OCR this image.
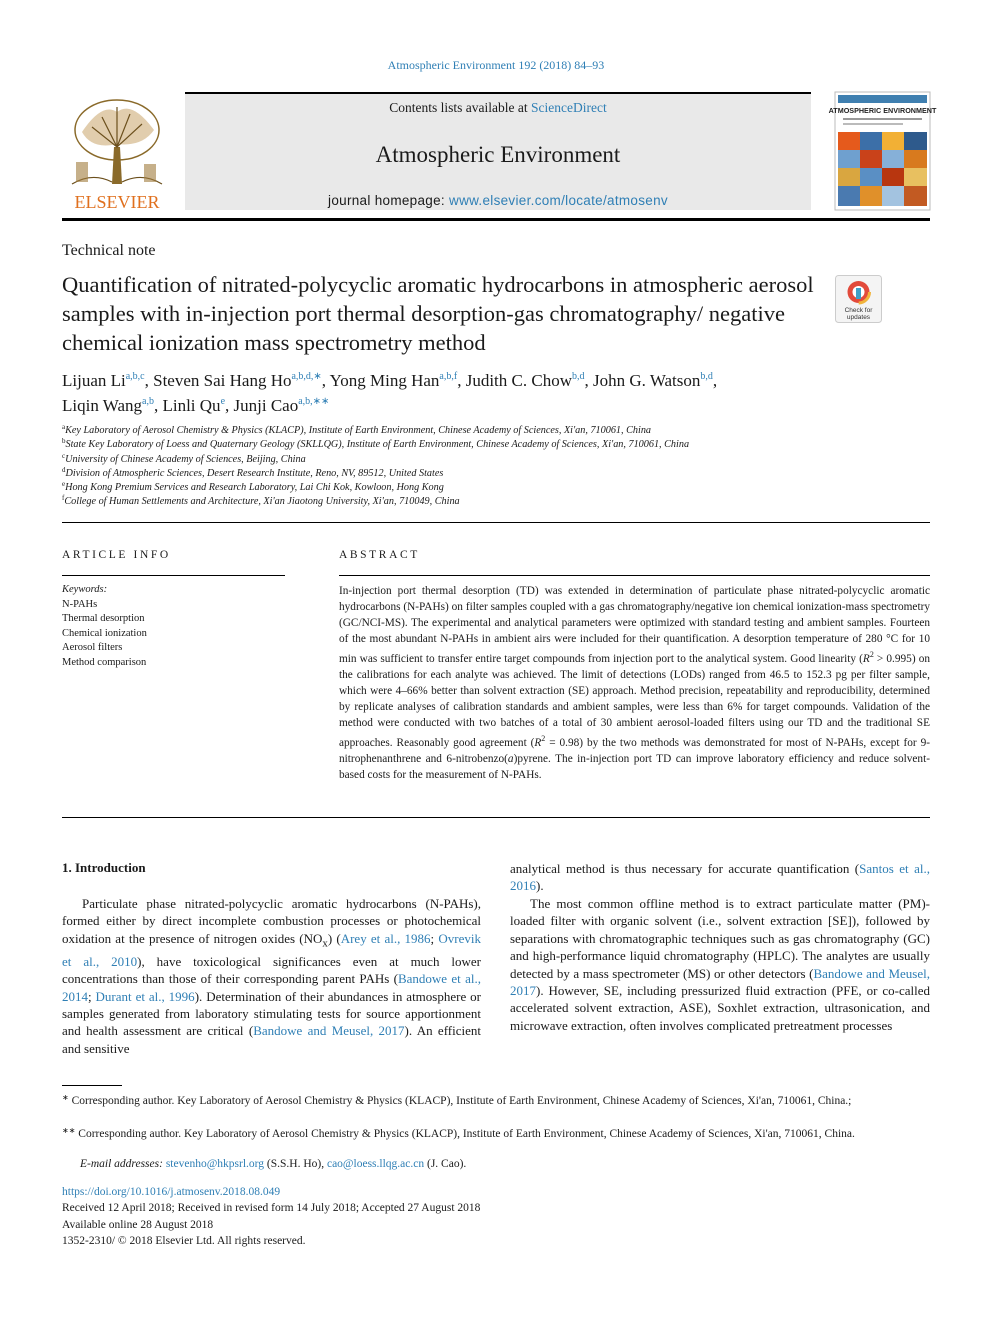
Atmospheric Environment 192 (2018) 84–93
ELSEVIER
Contents lists available at ScienceDirect
Atmospheric Environment
journal homepage: www.elsevier.com/locate/atmosenv
ATMOSPHERIC ENVIRONMENT
Technical note
Quantification of nitrated-polycyclic aromatic hydrocarbons in atmospheric aerosol samples with in-injection port thermal desorption-gas chromatography/ negative chemical ionization mass spectrometry method
Check for
updates
Lijuan Li$^{a,b,c}$, Steven Sai Hang $Ho^{a,b,d,∗}$, Yong Ming Han$^{a,b,f}$, Judith C. Chow$^{b,d}$, John G. Watson$^{b,d}$,
Liqin Wang$^{a,b}$, Linli Qu$^e$, Junji Cao$^{a,b,∗∗}$
$^a$Key Laboratory of Aerosol Chemistry & Physics (KLACP), Institute of Earth Environment, Chinese Academy of Sciences, Xi'an, 710061, China
$^b$State Key Laboratory of Loess and Quaternary Geology (SKLLQG), Institute of Earth Environment, Chinese Academy of Sciences, Xi'an, 710061, China
$^c$University of Chinese Academy of Sciences, Beijing, China
$^d$Division of Atmospheric Sciences, Desert Research Institute, Reno, NV, 89512, United States
$^e$Hong Kong Premium Services and Research Laboratory, Lai Chi Kok, Kowloon, Hong Kong
$^f$College of Human Settlements and Architecture, Xi'an Jiaotong University, Xi'an, 710049, China
ARTICLE INFO
Keywords:
N-PAHs
Thermal desorption
Chemical ionization
Aerosol filters
Method comparison
ABSTRACT
In-injection port thermal desorption (TD) was extended in determination of particulate phase nitrated-polycyclic aromatic hydrocarbons (N-PAHs) on filter samples coupled with a gas chromatography/negative ion chemical ionization-mass spectrometry (GC/NCI-MS). The experimental and analytical parameters were optimized with standard testing and ambient samples. Fourteen of the most abundant N-PAHs in ambient airs were included for their quantification. A desorption temperature of 280 °C for 10 min was sufficient to transfer entire target compounds from injection port to the analytical system. Good linearity $(R^2 > 0.995)$ on the calibrations for each analyte was achieved. The limit of detections (LODs) ranged from 46.5 to 152.3 pg per filter sample, which were 4–66% better than solvent extraction (SE) approach. Method precision, repeatability and reproducibility, determined by replicate analyses of calibration standards and ambient samples, were less than 6% for target compounds. Validation of the method were conducted with two batches of a total of 30 ambient aerosol-loaded filters using our TD and the traditional SE approaches. Reasonably good agreement $(R^2 = 0.98)$ by the two methods was demonstrated for most of N-PAHs, except for 9-nitrophenanthrene and 6-nitrobenzo(a)pyrene. The in-injection port TD can improve laboratory efficiency and reduce solvent-based costs for the measurement of N-PAHs.
1. Introduction
Particulate phase nitrated-polycyclic aromatic hydrocarbons (N-PAHs), formed either by direct incomplete combustion processes or photochemical oxidation at the presence of nitrogen oxides $(NO_x)$ (Arey et al., 1986; Ovrevik et al., 2010), have toxicological significances even at much lower concentrations than those of their corresponding parent PAHs (Bandowe et al., 2014; Durant et al., 1996). Determination of their abundances in atmosphere or samples generated from laboratory stimulating tests for source apportionment and health assessment are critical (Bandowe and Meusel, 2017). An efficient and sensitive
analytical method is thus necessary for accurate quantification (Santos et al., 2016).
The most common offline method is to extract particulate matter (PM)-loaded filter with organic solvent (i.e., solvent extraction [SE]), followed by separations with chromatographic techniques such as gas chromatography (GC) and high-performance liquid chromatography (HPLC). The analytes are usually detected by a mass spectrometer (MS) or other detectors (Bandowe and Meusel, 2017). However, SE, including pressurized fluid extraction (PFE, or co-called accelerated solvent extraction, ASE), Soxhlet extraction, ultrasonication, and microwave extraction, often involves complicated pretreatment processes
∗ Corresponding author. Key Laboratory of Aerosol Chemistry & Physics (KLACP), Institute of Earth Environment, Chinese Academy of Sciences, Xi'an, 710061, China.;
∗∗ Corresponding author. Key Laboratory of Aerosol Chemistry & Physics (KLACP), Institute of Earth Environment, Chinese Academy of Sciences, Xi'an, 710061, China.
E-mail addresses: stevenho@hkpsrl.org (S.S.H. Ho), cao@loess.llqg.ac.cn (J. Cao).
https://doi.org/10.1016/j.atmosenv.2018.08.049
Received 12 April 2018; Received in revised form 14 July 2018; Accepted 27 August 2018
Available online 28 August 2018
1352-2310/ © 2018 Elsevier Ltd. All rights reserved.
